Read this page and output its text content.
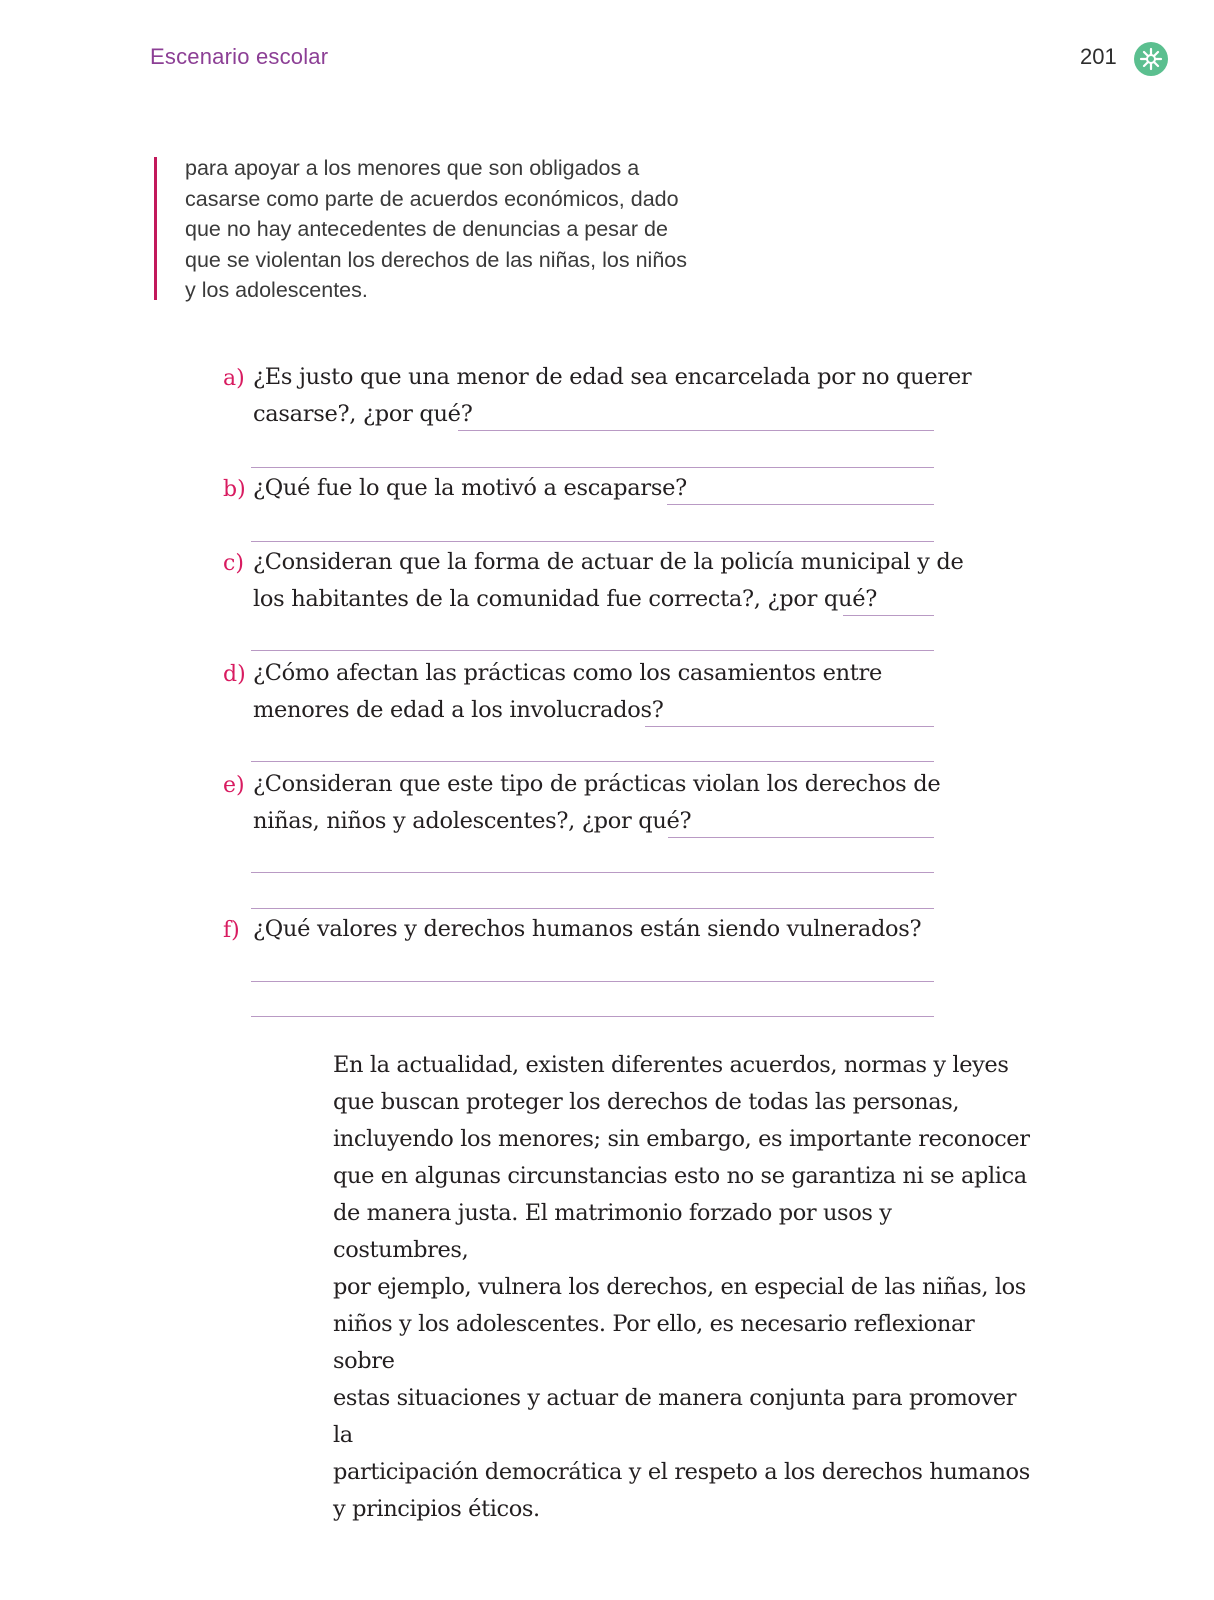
Escenario escolar	201
para apoyar a los menores que son obligados a
casarse como parte de acuerdos económicos, dado
que no hay antecedentes de denuncias a pesar de
que se violentan los derechos de las niñas, los niños
y los adolescentes.
a) ¿Es justo que una menor de edad sea encarcelada por no querer
casarse?, ¿por qué?
b) ¿Qué fue lo que la motivó a escaparse?
c) ¿Consideran que la forma de actuar de la policía municipal y de
los habitantes de la comunidad fue correcta?, ¿por qué?
d) ¿Cómo afectan las prácticas como los casamientos entre
menores de edad a los involucrados?
e) ¿Consideran que este tipo de prácticas violan los derechos de
niñas, niños y adolescentes?, ¿por qué?
f) ¿Qué valores y derechos humanos están siendo vulnerados?
En la actualidad, existen diferentes acuerdos, normas y leyes
que buscan proteger los derechos de todas las personas,
incluyendo los menores; sin embargo, es importante reconocer
que en algunas circunstancias esto no se garantiza ni se aplica
de manera justa. El matrimonio forzado por usos y costumbres,
por ejemplo, vulnera los derechos, en especial de las niñas, los
niños y los adolescentes. Por ello, es necesario reflexionar sobre
estas situaciones y actuar de manera conjunta para promover la
participación democrática y el respeto a los derechos humanos
y principios éticos.
